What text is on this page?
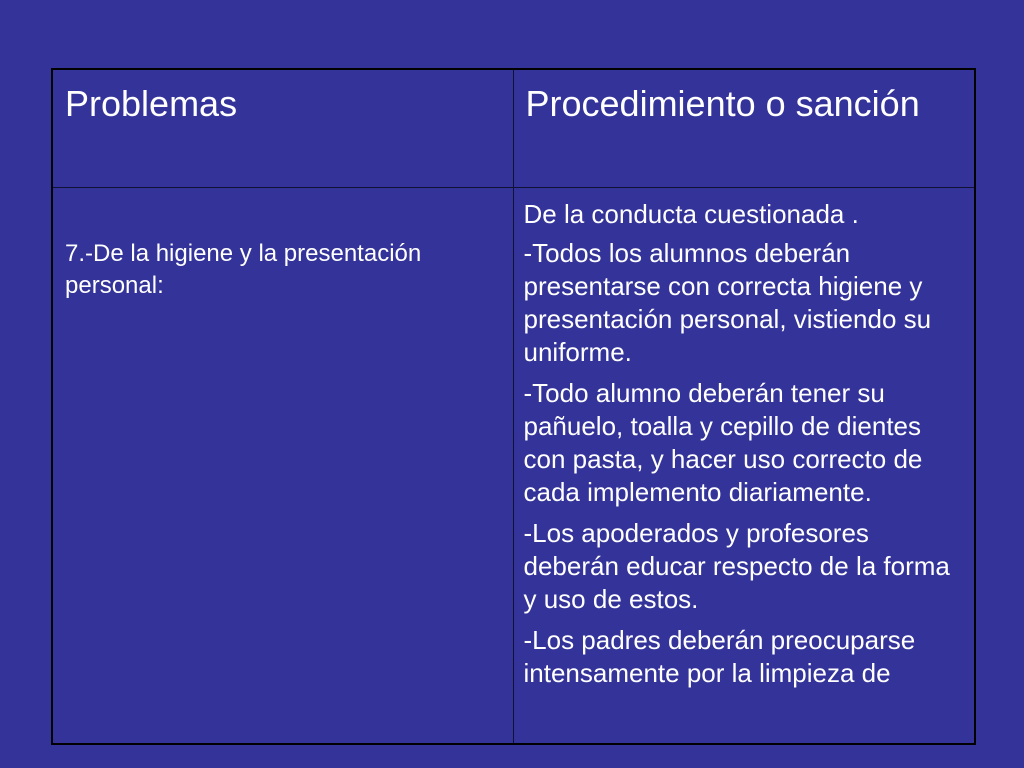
Problemas	Procedimiento o sanción

7.-De la higiene y la presentación personal:	De la conducta cuestionada .

-Todos los alumnos deberán presentarse con correcta higiene y presentación personal, vistiendo su uniforme.

-Todo alumno deberán tener su pañuelo, toalla y cepillo de dientes con pasta, y hacer uso correcto de cada implemento diariamente.

-Los apoderados y profesores deberán educar respecto de la forma y uso de estos.

-Los padres deberán preocuparse intensamente por la limpieza de
